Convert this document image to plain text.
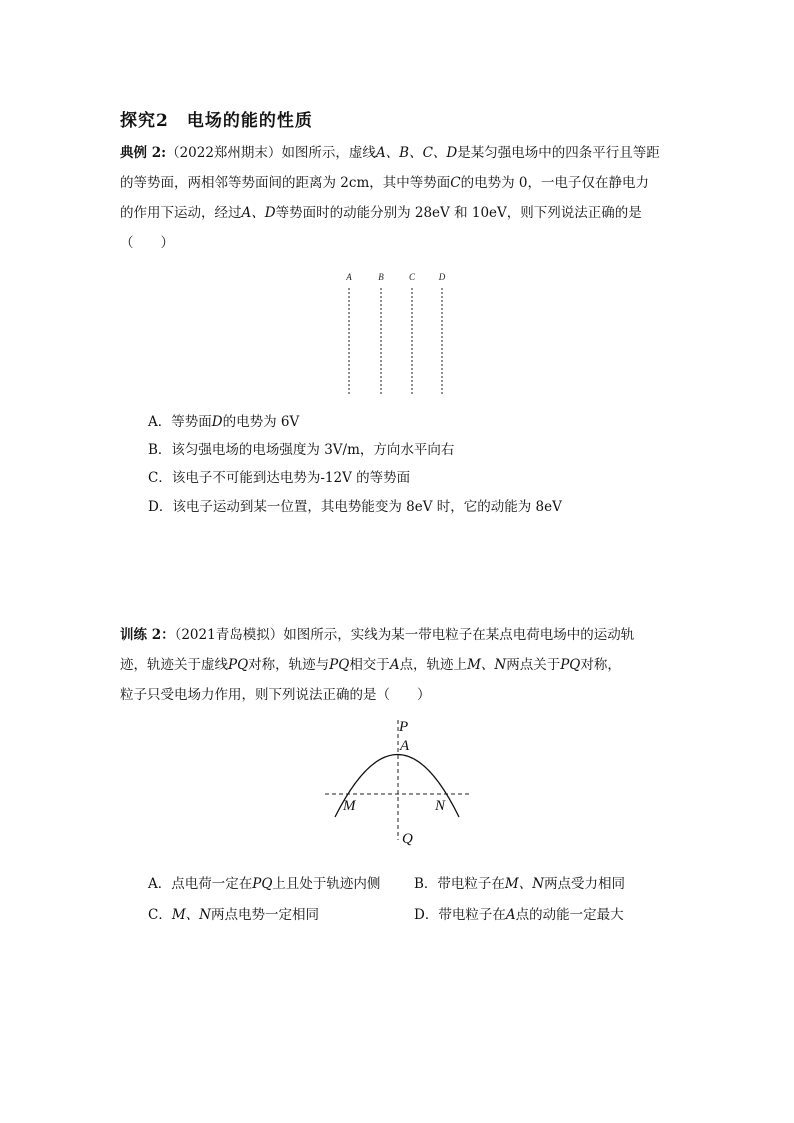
探究2　电场的能的性质
典例 2:（2022郑州期末）如图所示，虚线A、B、C、D是某匀强电场中的四条平行且等距
的等势面，两相邻等势面间的距离为 2cm，其中等势面C的电势为 0，一电子仅在静电力
的作用下运动，经过A、D等势面时的动能分别为 28eV 和 10eV，则下列说法正确的是
（　　）
A	B	C	D
A．等势面D的电势为 6V
B．该匀强电场的电场强度为 3V/m，方向水平向右
C．该电子不可能到达电势为-12V 的等势面
D．该电子运动到某一位置，其电势能变为 8eV 时，它的动能为 8eV
训练 2：（2021青岛模拟）如图所示，实线为某一带电粒子在某点电荷电场中的运动轨
迹，轨迹关于虚线PQ对称，轨迹与PQ相交于A点，轨迹上M、N两点关于PQ对称，
粒子只受电场力作用，则下列说法正确的是（　　）
P
A
M	N
Q
A．点电荷一定在PQ上且处于轨迹内侧 B．带电粒子在M、N两点受力相同
C．M、N两点电势一定相同	D．带电粒子在A点的动能一定最大
